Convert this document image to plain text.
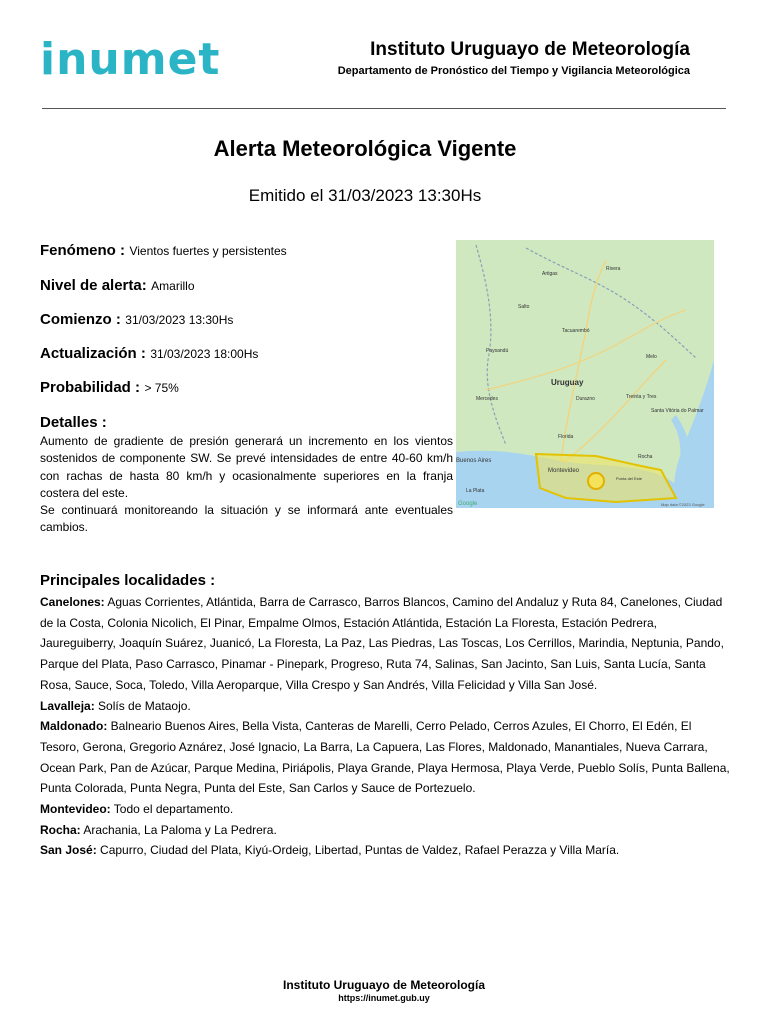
inumet	Instituto Uruguayo de Meteorología
Departamento de Pronóstico del Tiempo y Vigilancia Meteorológica
Alerta Meteorológica Vigente
Emitido el 31/03/2023 13:30Hs
Fenómeno : Vientos fuertes y persistentes
Nivel de alerta: Amarillo
Comienzo : 31/03/2023 13:30Hs
Actualización : 31/03/2023 18:00Hs
Probabilidad : > 75%
Detalles :

Aumento de gradiente de presión generará un incremento en los vientos sostenidos de componente SW. Se prevé intensidades de entre 40-60 km/h con rachas de hasta 80 km/h y ocasionalmente superiores en la franja costera del este.

Se continuará monitoreando la situación y se informará ante eventuales cambios.

Uruguay
Montevideo
Buenos Aires
La Plata
Rivera
Artigas
Salto
Paysandú
Tacuarembó
Melo
Mercedes	Durazno	Treinta y Tres
Santa Vitória do Palmar
Florida
Rocha
Punta del Este
Google	Map data ©2023 Google
Principales localidades :

Canelones: Aguas Corrientes, Atlántida, Barra de Carrasco, Barros Blancos, Camino del Andaluz y Ruta 84, Canelones, Ciudad de la Costa, Colonia Nicolich, El Pinar, Empalme Olmos, Estación Atlántida, Estación La Floresta, Estación Pedrera, Jaureguiberry, Joaquín Suárez, Juanicó, La Floresta, La Paz, Las Piedras, Las Toscas, Los Cerrillos, Marindia, Neptunia, Pando, Parque del Plata, Paso Carrasco, Pinamar - Pinepark, Progreso, Ruta 74, Salinas, San Jacinto, San Luis, Santa Lucía, Santa Rosa, Sauce, Soca, Toledo, Villa Aeroparque, Villa Crespo y San Andrés, Villa Felicidad y Villa San José.

Lavalleja: Solís de Mataojo.

Maldonado: Balneario Buenos Aires, Bella Vista, Canteras de Marelli, Cerro Pelado, Cerros Azules, El Chorro, El Edén, El Tesoro, Gerona, Gregorio Aznárez, José Ignacio, La Barra, La Capuera, Las Flores, Maldonado, Manantiales, Nueva Carrara, Ocean Park, Pan de Azúcar, Parque Medina, Piriápolis, Playa Grande, Playa Hermosa, Playa Verde, Pueblo Solís, Punta Ballena, Punta Colorada, Punta Negra, Punta del Este, San Carlos y Sauce de Portezuelo.

Montevideo: Todo el departamento.

Rocha: Arachania, La Paloma y La Pedrera.

San José: Capurro, Ciudad del Plata, Kiyú-Ordeig, Libertad, Puntas de Valdez, Rafael Perazza y Villa María.

Instituto Uruguayo de Meteorología
https://inumet.gub.uy
